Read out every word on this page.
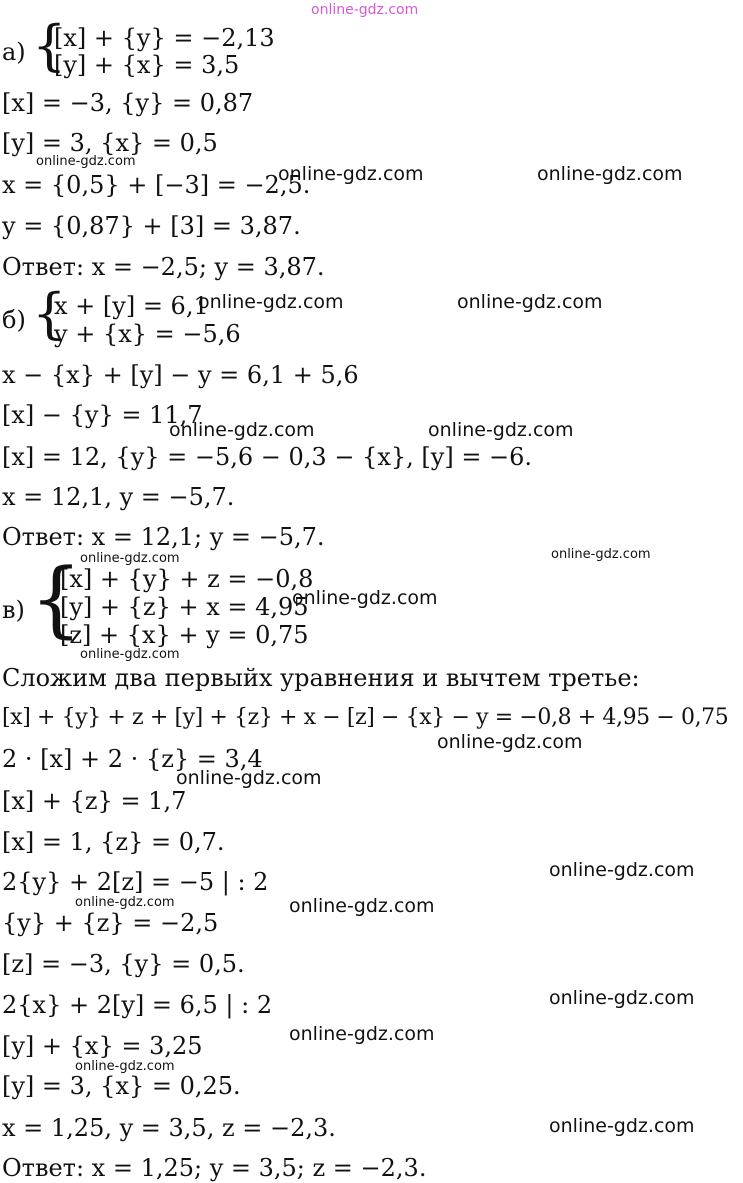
online-gdz.com
а) {
[x] + {y} = −2,13
[y] + {x} = 3,5
[x] = −3, {y} = 0,87
[y] = 3, {x} = 0,5
x = {0,5} + [−3] = −2,5.
y = {0,87} + [3] = 3,87.
Ответ: x = −2,5; y = 3,87.
б) {
x + [y] = 6,1
y + {x} = −5,6
x − {x} + [y] − y = 6,1 + 5,6
[x] − {y} = 11,7
[x] = 12, {y} = −5,6 − 0,3 − {x}, [y] = −6.
x = 12,1, y = −5,7.
Ответ: x = 12,1; y = −5,7.
в) {
[x] + {y} + z = −0,8
[y] + {z} + x = 4,95
[z] + {x} + y = 0,75
Сложим два первыйх уравнения и вычтем третье:
[x] + {y} + z + [y] + {z} + x − [z] − {x} − y = −0,8 + 4,95 − 0,75
2 · [x] + 2 · {z} = 3,4
[x] + {z} = 1,7
[x] = 1, {z} = 0,7.
2{y} + 2[z] = −5 | : 2
{y} + {z} = −2,5
[z] = −3, {y} = 0,5.
2{x} + 2[y] = 6,5 | : 2
[y] + {x} = 3,25
[y] = 3, {x} = 0,25.
x = 1,25, y = 3,5, z = −2,3.
Ответ: x = 1,25; y = 3,5; z = −2,3.
online-gdz.com
online-gdz.com	online-gdz.com
online-gdz.com	online-gdz.com
online-gdz.com	online-gdz.com
online-gdz.com	online-gdz.com
online-gdz.com
online-gdz.com
online-gdz.com
online-gdz.com
online-gdz.com
online-gdz.com	online-gdz.com
online-gdz.com
online-gdz.com
online-gdz.com
online-gdz.com
